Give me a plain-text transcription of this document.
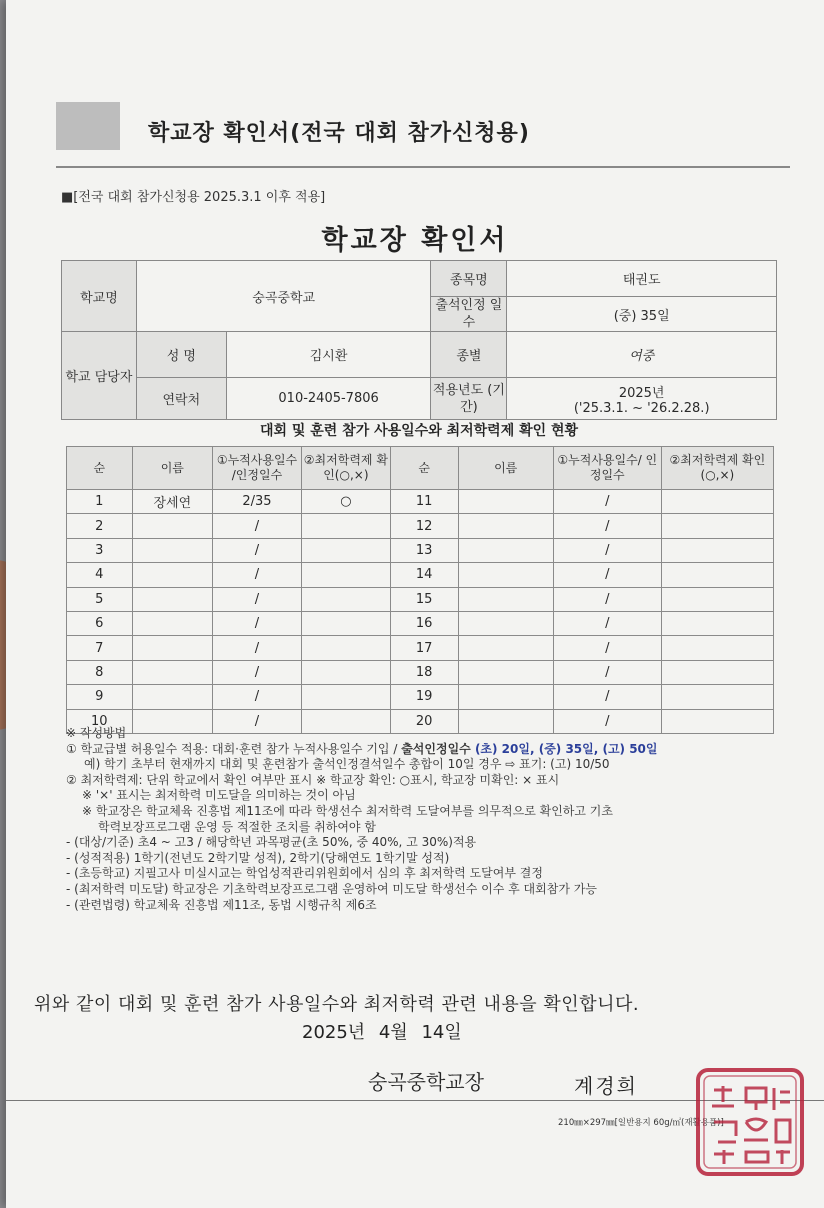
학교장 확인서(전국 대회 참가신청용)
■[전국 대회 참가신청용 2025.3.1 이후 적용]
학교장 확인서
학교명	숭곡중학교		종목명	태권도
			출석인정 일수	(중) 35일
학교 담당자	성 명	김시환	종별	여중
	연락처	010-2405-7806	적용년도 (기간)	2025년
('25.3.1. ~ '26.2.28.)
대회 및 훈련 참가 사용일수와 최저학력제 확인 현황
순	이름	①누적사용일수 /인정일수	②최저학력제 확인(○,×)	순	이름	①누적사용일수/ 인정일수	②최저학력제 확인(○,×)
1	장세연	2/35	○	11		/	
2		/		12		/	
3		/		13		/	
4		/		14		/	
5		/		15		/	
6		/		16		/	
7		/		17		/	
8		/		18		/	
9		/		19		/	
10		/		20		/	
※ 작성방법
① 학교급별 허용일수 적용: 대회·훈련 참가 누적사용일수 기입 / 출석인정일수 (초) 20일, (중) 35일, (고) 50일
예) 학기 초부터 현재까지 대회 및 훈련참가 출석인정결석일수 총합이 10일 경우 ⇨ 표기: (고) 10/50
② 최저학력제: 단위 학교에서 확인 여부만 표시 ※ 학교장 확인: ○표시, 학교장 미확인: × 표시
※ '×' 표시는 최저학력 미도달을 의미하는 것이 아님
※ 학교장은 학교체육 진흥법 제11조에 따라 학생선수 최저학력 도달여부를 의무적으로 확인하고 기초
학력보장프로그램 운영 등 적절한 조치를 취하여야 함
- (대상/기준) 초4 ~ 고3 / 해당학년 과목평균(초 50%, 중 40%, 고 30%)적용
- (성적적용) 1학기(전년도 2학기말 성적), 2학기(당해연도 1학기말 성적)
- (초등학교) 지필고사 미실시교는 학업성적관리위원회에서 심의 후 최저학력 도달여부 결정
- (최저학력 미도달) 학교장은 기초학력보장프로그램 운영하여 미도달 학생선수 이수 후 대회참가 가능
- (관련법령) 학교체육 진흥법 제11조, 동법 시행규칙 제6조
위와 같이 대회 및 훈련 참가 사용일수와 최저학력 관련 내용을 확인합니다.
2025년 4월 14일
숭곡중학교장	계경희
210㎜×297㎜[일반용지 60g/㎡(재활용품)]
